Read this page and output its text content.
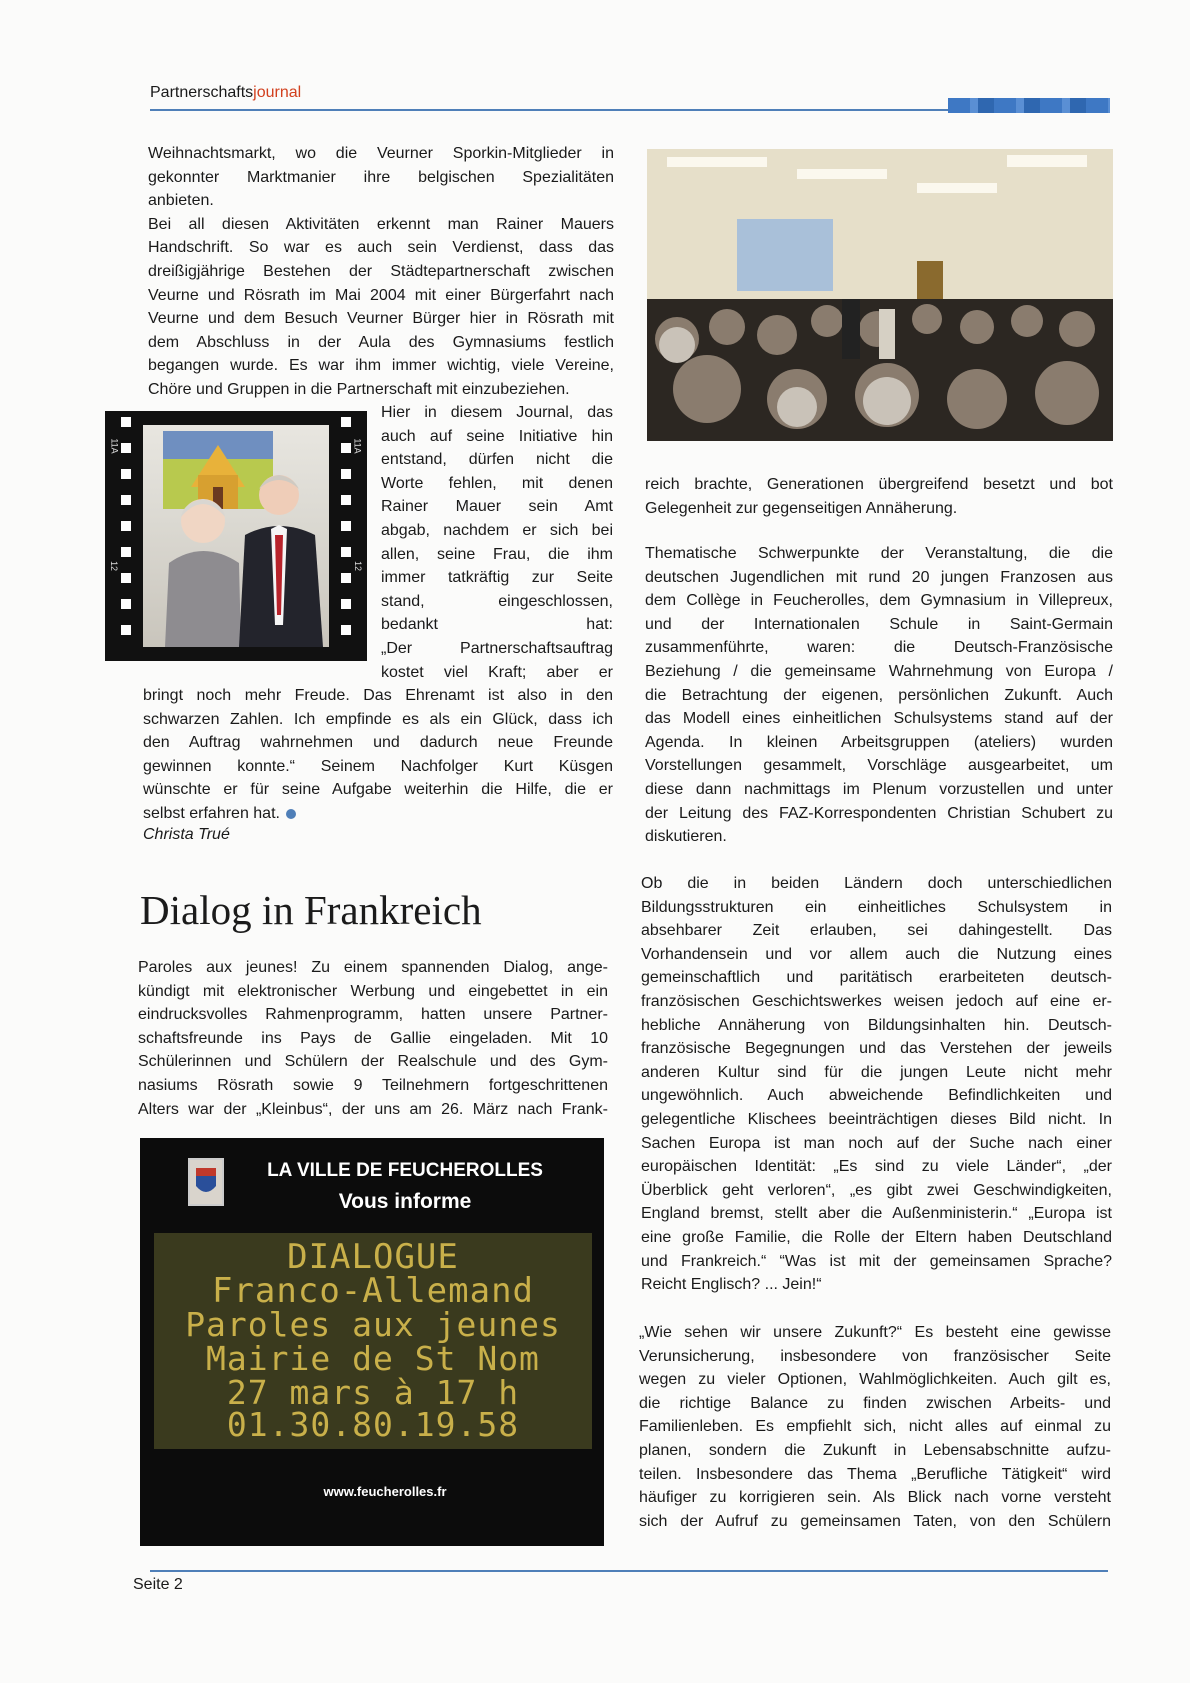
Partnerschaftsjournal
Weihnachtsmarkt, wo die Veurner Sporkin-Mitglieder in
gekonnter Marktmanier ihre belgischen Spezialitäten
anbieten.
Bei all diesen Aktivitäten erkennt man Rainer Mauers
Handschrift. So war es auch sein Verdienst, dass das
dreißigjährige Bestehen der Städtepartnerschaft zwischen
Veurne und Rösrath im Mai 2004 mit einer Bürgerfahrt nach
Veurne und dem Besuch Veurner Bürger hier in Rösrath mit
dem Abschluss in der Aula des Gymnasiums festlich
begangen wurde. Es war ihm immer wichtig, viele Vereine,
Chöre und Gruppen in die Partnerschaft mit einzubeziehen.
11A
12
11A
12
Hier in diesem Journal, das
auch auf seine Initiative hin
entstand, dürfen nicht die
Worte fehlen, mit denen
Rainer Mauer sein Amt
abgab, nachdem er sich bei
allen, seine Frau, die ihm
immer tatkräftig zur Seite
stand, eingeschlossen,
bedankt hat:
„Der Partnerschaftsauftrag
kostet viel Kraft; aber er
bringt noch mehr Freude. Das Ehrenamt ist also in den
schwarzen Zahlen. Ich empfinde es als ein Glück, dass ich
den Auftrag wahrnehmen und dadurch neue Freunde
gewinnen konnte.“ Seinem Nachfolger Kurt Küsgen
wünschte er für seine Aufgabe weiterhin die Hilfe, die er
selbst erfahren hat.

Christa Trué

Dialog in Frankreich
Paroles aux jeunes! Zu einem spannenden Dialog, ange-
kündigt mit elektronischer Werbung und eingebettet in ein
eindrucksvolles Rahmenprogramm, hatten unsere Partner-
schaftsfreunde ins Pays de Gallie eingeladen. Mit 10
Schülerinnen und Schülern der Realschule und des Gym-
nasiums Rösrath sowie 9 Teilnehmern fortgeschrittenen
Alters war der „Kleinbus“, der uns am 26. März nach Frank-
LA VILLE DE FEUCHEROLLES
Vous informe
DIALOGUE
Franco-Allemand
Paroles aux jeunes
Mairie de St Nom
27 mars à 17 h
01.30.80.19.58
www.feucherolles.fr
reich brachte, Generationen übergreifend besetzt und bot
Gelegenheit zur gegenseitigen Annäherung.
Thematische Schwerpunkte der Veranstaltung, die die
deutschen Jugendlichen mit rund 20 jungen Franzosen aus
dem Collège in Feucherolles, dem Gymnasium in Villepreux,
und der Internationalen Schule in Saint-Germain
zusammenführte, waren: die Deutsch-Französische
Beziehung / die gemeinsame Wahrnehmung von Europa /
die Betrachtung der eigenen, persönlichen Zukunft. Auch
das Modell eines einheitlichen Schulsystems stand auf der
Agenda. In kleinen Arbeitsgruppen (ateliers) wurden
Vorstellungen gesammelt, Vorschläge ausgearbeitet, um
diese dann nachmittags im Plenum vorzustellen und unter
der Leitung des FAZ-Korrespondenten Christian Schubert zu
diskutieren.
Ob die in beiden Ländern doch unterschiedlichen
Bildungsstrukturen ein einheitliches Schulsystem in
absehbarer Zeit erlauben, sei dahingestellt. Das
Vorhandensein und vor allem auch die Nutzung eines
gemeinschaftlich und paritätisch erarbeiteten deutsch-
französischen Geschichtswerkes weisen jedoch auf eine er-
hebliche Annäherung von Bildungsinhalten hin. Deutsch-
französische Begegnungen und das Verstehen der jeweils
anderen Kultur sind für die jungen Leute nicht mehr
ungewöhnlich. Auch abweichende Befindlichkeiten und
gelegentliche Klischees beeinträchtigen dieses Bild nicht. In
Sachen Europa ist man noch auf der Suche nach einer
europäischen Identität: „Es sind zu viele Länder“, „der
Überblick geht verloren“, „es gibt zwei Geschwindigkeiten,
England bremst, stellt aber die Außenministerin.“ „Europa ist
eine große Familie, die Rolle der Eltern haben Deutschland
und Frankreich.“ “Was ist mit der gemeinsamen Sprache?
Reicht Englisch? ... Jein!“
„Wie sehen wir unsere Zukunft?“ Es besteht eine gewisse
Verunsicherung, insbesondere von französischer Seite
wegen zu vieler Optionen, Wahlmöglichkeiten. Auch gilt es,
die richtige Balance zu finden zwischen Arbeits- und
Familienleben. Es empfiehlt sich, nicht alles auf einmal zu
planen, sondern die Zukunft in Lebensabschnitte aufzu-
teilen. Insbesondere das Thema „Berufliche Tätigkeit“ wird
häufiger zu korrigieren sein. Als Blick nach vorne versteht
sich der Aufruf zu gemeinsamen Taten, von den Schülern
Seite 2
